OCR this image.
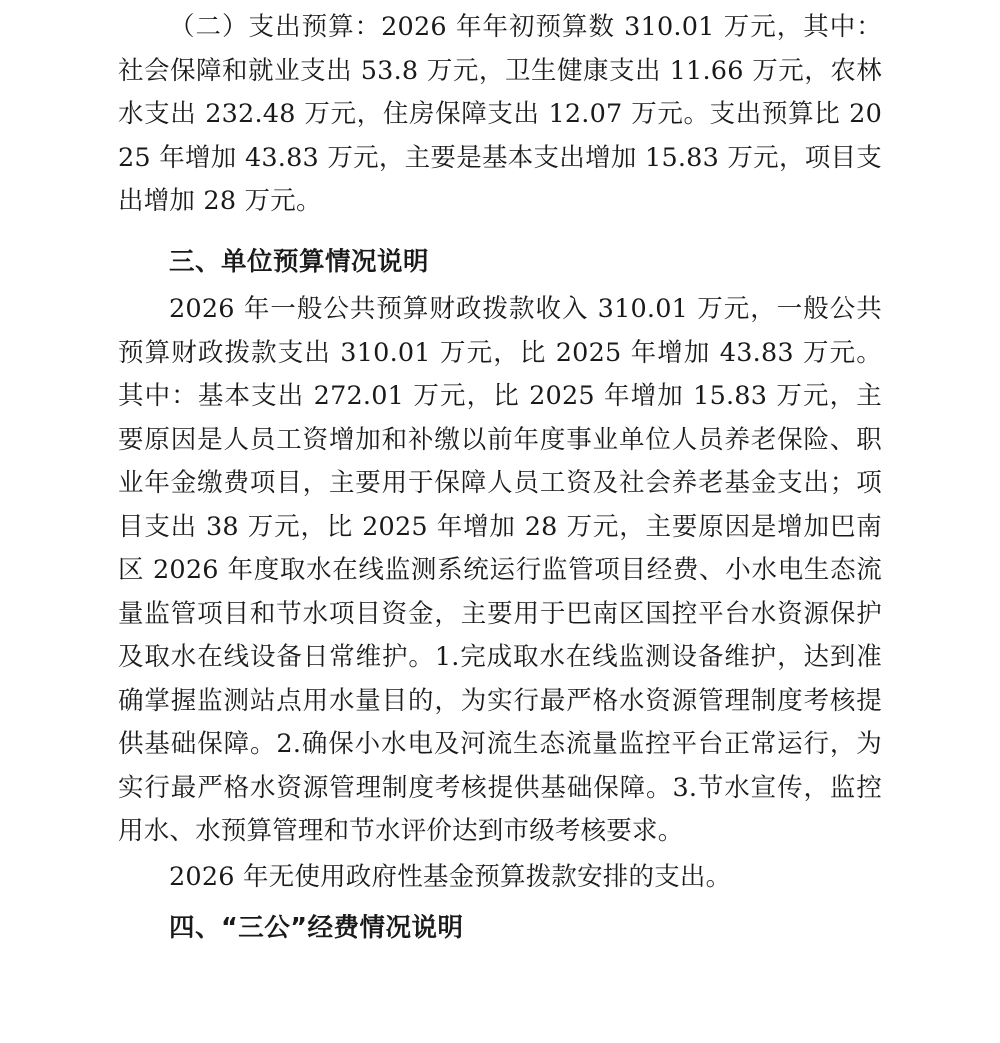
（二）支出预算：2026 年年初预算数 310.01 万元，其中：社会保障和就业支出 53.8 万元，卫生健康支出 11.66 万元，农林水支出 232.48 万元，住房保障支出 12.07 万元。支出预算比 2025 年增加 43.83 万元，主要是基本支出增加 15.83 万元，项目支出增加 28 万元。

三、单位预算情况说明

2026 年一般公共预算财政拨款收入 310.01 万元，一般公共预算财政拨款支出 310.01 万元，比 2025 年增加 43.83 万元。其中：基本支出 272.01 万元，比 2025 年增加 15.83 万元，主要原因是人员工资增加和补缴以前年度事业单位人员养老保险、职业年金缴费项目，主要用于保障人员工资及社会养老基金支出；项目支出 38 万元，比 2025 年增加 28 万元，主要原因是增加巴南区 2026 年度取水在线监测系统运行监管项目经费、小水电生态流量监管项目和节水项目资金，主要用于巴南区国控平台水资源保护及取水在线设备日常维护。1.完成取水在线监测设备维护，达到准确掌握监测站点用水量目的，为实行最严格水资源管理制度考核提供基础保障。2.确保小水电及河流生态流量监控平台正常运行，为实行最严格水资源管理制度考核提供基础保障。3.节水宣传，监控用水、水预算管理和节水评价达到市级考核要求。

2026 年无使用政府性基金预算拨款安排的支出。

四、“三公”经费情况说明
